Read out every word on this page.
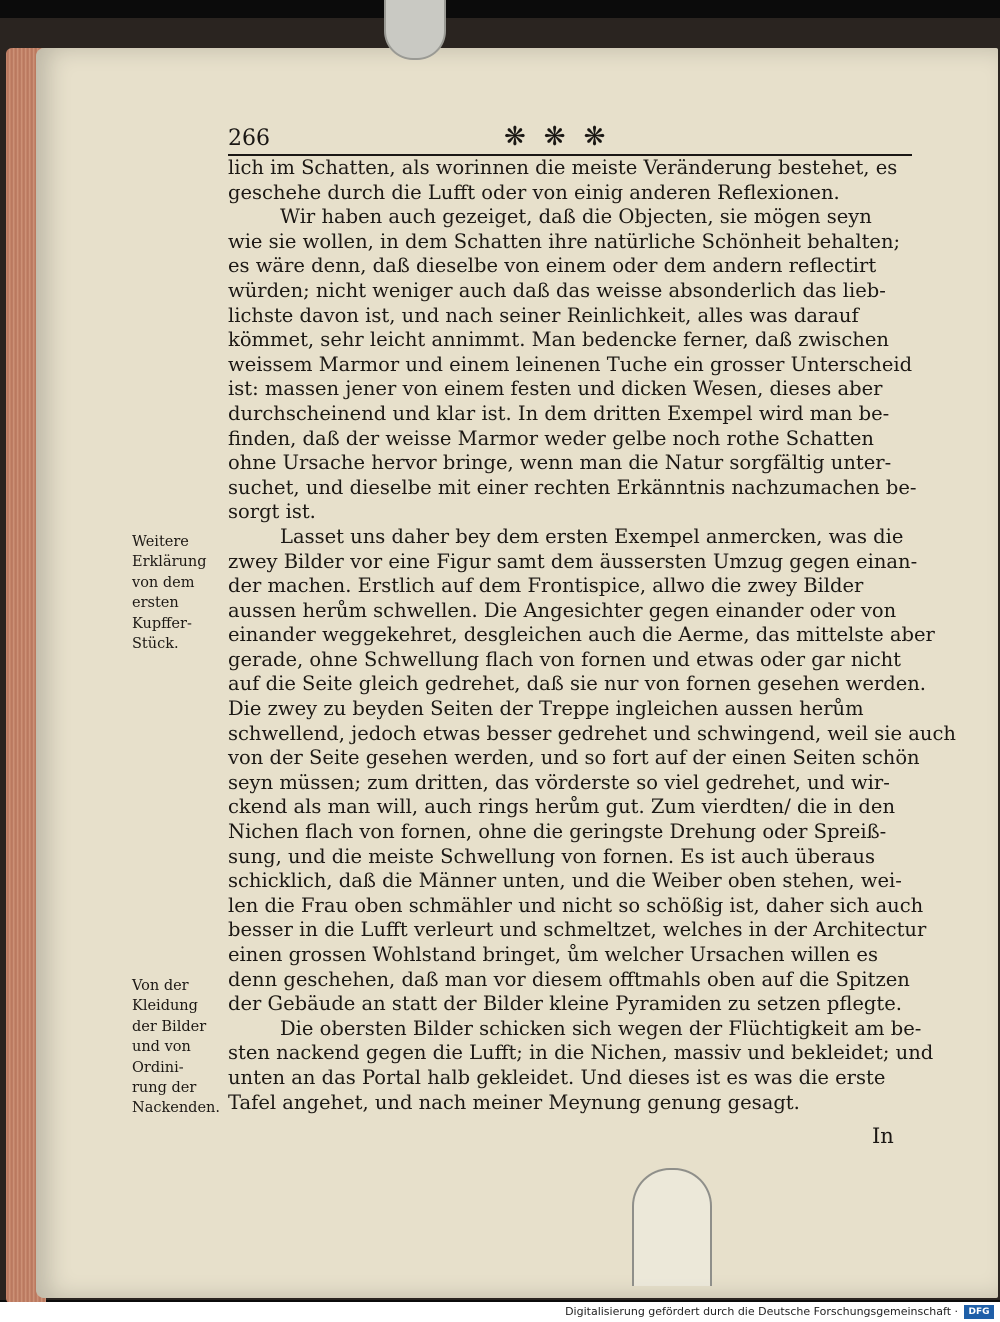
266	❋❋❋
lich im Schatten, als worinnen die meiste Veränderung bestehet, es
geschehe durch die Lufft oder von einig anderen Reflexionen.
Wir haben auch gezeiget, daß die Objecten, sie mögen seyn
wie sie wollen, in dem Schatten ihre natürliche Schönheit behalten;
es wäre denn, daß dieselbe von einem oder dem andern reflectirt
würden; nicht weniger auch daß das weisse absonderlich das lieb-
lichste davon ist, und nach seiner Reinlichkeit, alles was darauf
kömmet, sehr leicht annimmt. Man bedencke ferner, daß zwischen
weissem Marmor und einem leinenen Tuche ein grosser Unterscheid
ist: massen jener von einem festen und dicken Wesen, dieses aber
durchscheinend und klar ist. In dem dritten Exempel wird man be-
finden, daß der weisse Marmor weder gelbe noch rothe Schatten
ohne Ursache hervor bringe, wenn man die Natur sorgfältig unter-
suchet, und dieselbe mit einer rechten Erkänntnis nachzumachen be-
sorgt ist.
Lasset uns daher bey dem ersten Exempel anmercken, was die
zwey Bilder vor eine Figur samt dem äussersten Umzug gegen einan-
der machen. Erstlich auf dem Frontispice, allwo die zwey Bilder
aussen herům schwellen. Die Angesichter gegen einander oder von
einander weggekehret, desgleichen auch die Aerme, das mittelste aber
gerade, ohne Schwellung flach von fornen und etwas oder gar nicht
auf die Seite gleich gedrehet, daß sie nur von fornen gesehen werden.
Die zwey zu beyden Seiten der Treppe ingleichen aussen herům
schwellend, jedoch etwas besser gedrehet und schwingend, weil sie auch
von der Seite gesehen werden, und so fort auf der einen Seiten schön
seyn müssen; zum dritten, das vörderste so viel gedrehet, und wir-
ckend als man will, auch rings herům gut. Zum vierdten/ die in den
Nichen flach von fornen, ohne die geringste Drehung oder Spreiß-
sung, und die meiste Schwellung von fornen. Es ist auch überaus
schicklich, daß die Männer unten, und die Weiber oben stehen, wei-
len die Frau oben schmähler und nicht so schößig ist, daher sich auch
besser in die Lufft verleurt und schmeltzet, welches in der Architectur
einen grossen Wohlstand bringet, ům welcher Ursachen willen es
denn geschehen, daß man vor diesem offtmahls oben auf die Spitzen
der Gebäude an statt der Bilder kleine Pyramiden zu setzen pflegte.
Die obersten Bilder schicken sich wegen der Flüchtigkeit am be-
sten nackend gegen die Lufft; in die Nichen, massiv und bekleidet; und
unten an das Portal halb gekleidet. Und dieses ist es was die erste
Tafel angehet, und nach meiner Meynung genung gesagt.
Weitere
Erklärung
von dem
ersten
Kupffer-
Stück.
Von der
Kleidung
der Bilder
und von
Ordini-
rung der
Nackenden.
In
Digitalisierung gefördert durch die Deutsche Forschungsgemeinschaft ·	DFG
